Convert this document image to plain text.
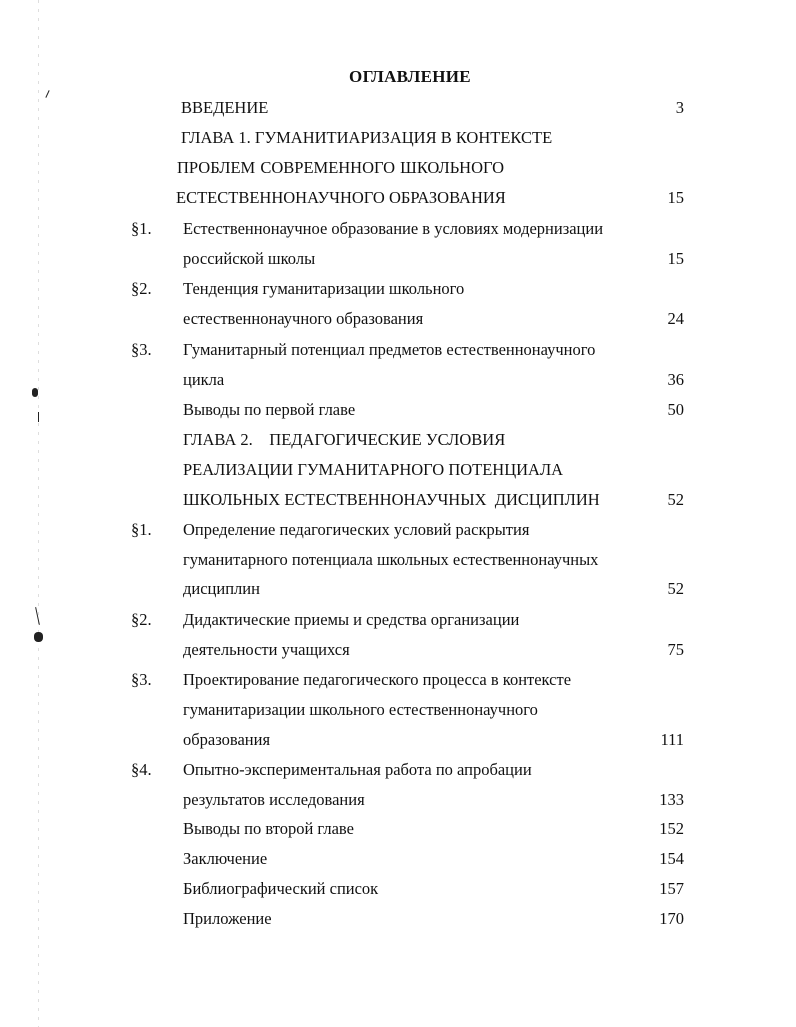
ОГЛАВЛЕНИЕ
ВВЕДЕНИЕ	3
ГЛАВА 1. ГУМАНИТИАРИЗАЦИЯ В КОНТЕКСТЕ
ПРОБЛЕМ СОВРЕМЕННОГО ШКОЛЬНОГО
ЕСТЕСТВЕННОНАУЧНОГО ОБРАЗОВАНИЯ	15
§1. Естественнонаучное образование в условиях модернизации
российской школы	15
§2. Тенденция гуманитаризации школьного
естественнонаучного образования	24
§3. Гуманитарный потенциал предметов естественнонаучного
цикла	36
Выводы по первой главе	50
ГЛАВА 2.    ПЕДАГОГИЧЕСКИЕ УСЛОВИЯ
РЕАЛИЗАЦИИ ГУМАНИТАРНОГО ПОТЕНЦИАЛА
ШКОЛЬНЫХ ЕСТЕСТВЕННОНАУЧНЫХ  ДИСЦИПЛИН	52
§1. Определение педагогических условий раскрытия
гуманитарного потенциала школьных естественнонаучных
дисциплин	52
§2. Дидактические приемы и средства организации
деятельности учащихся	75
§3. Проектирование педагогического процесса в контексте
гуманитаризации школьного естественнонаучного
образования	111
§4. Опытно-экспериментальная работа по апробации
результатов исследования	133
Выводы по второй главе	152
Заключение	154
Библиографический список	157
Приложение	170
